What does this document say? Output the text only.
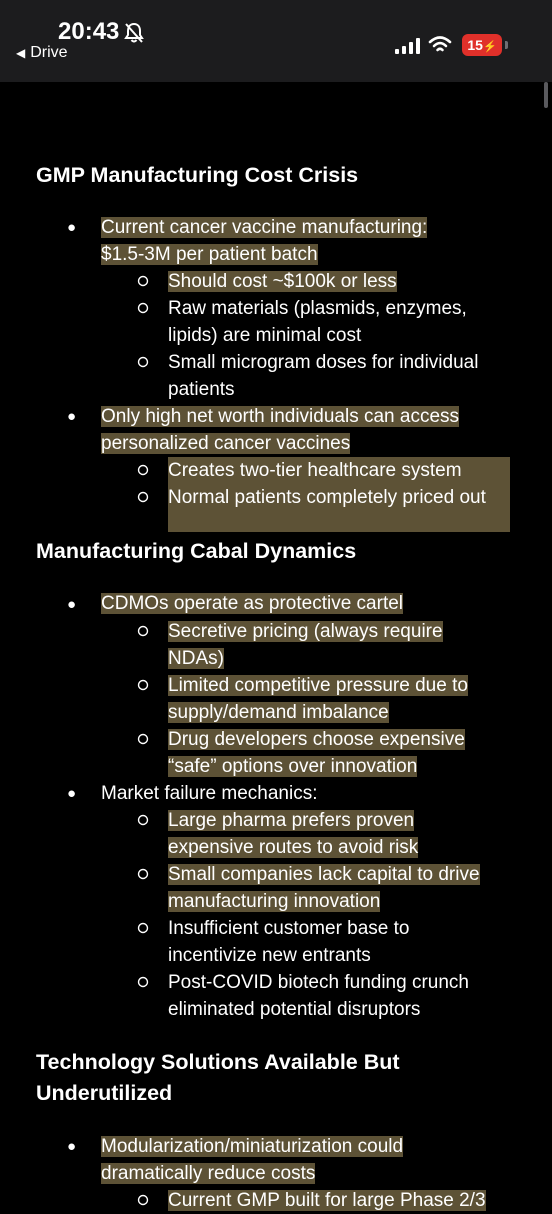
20:43
◀ Drive	15⚡
GMP Manufacturing Cost Crisis
● Current cancer vaccine manufacturing:
$1.5-3M per patient batch
Should cost ~$100k or less
Raw materials (plasmids, enzymes,
lipids) are minimal cost
Small microgram doses for individual
patients
● Only high net worth individuals can access
personalized cancer vaccines
Creates two-tier healthcare system
Normal patients completely priced out
Manufacturing Cabal Dynamics
● CDMOs operate as protective cartel
Secretive pricing (always require
NDAs)
Limited competitive pressure due to
supply/demand imbalance
Drug developers choose expensive
“safe” options over innovation
● Market failure mechanics:
Large pharma prefers proven
expensive routes to avoid risk
Small companies lack capital to drive
manufacturing innovation
Insufficient customer base to
incentivize new entrants
Post-COVID biotech funding crunch
eliminated potential disruptors
Technology Solutions Available But
Underutilized
● Modularization/miniaturization could
dramatically reduce costs
Current GMP built for large Phase 2/3
